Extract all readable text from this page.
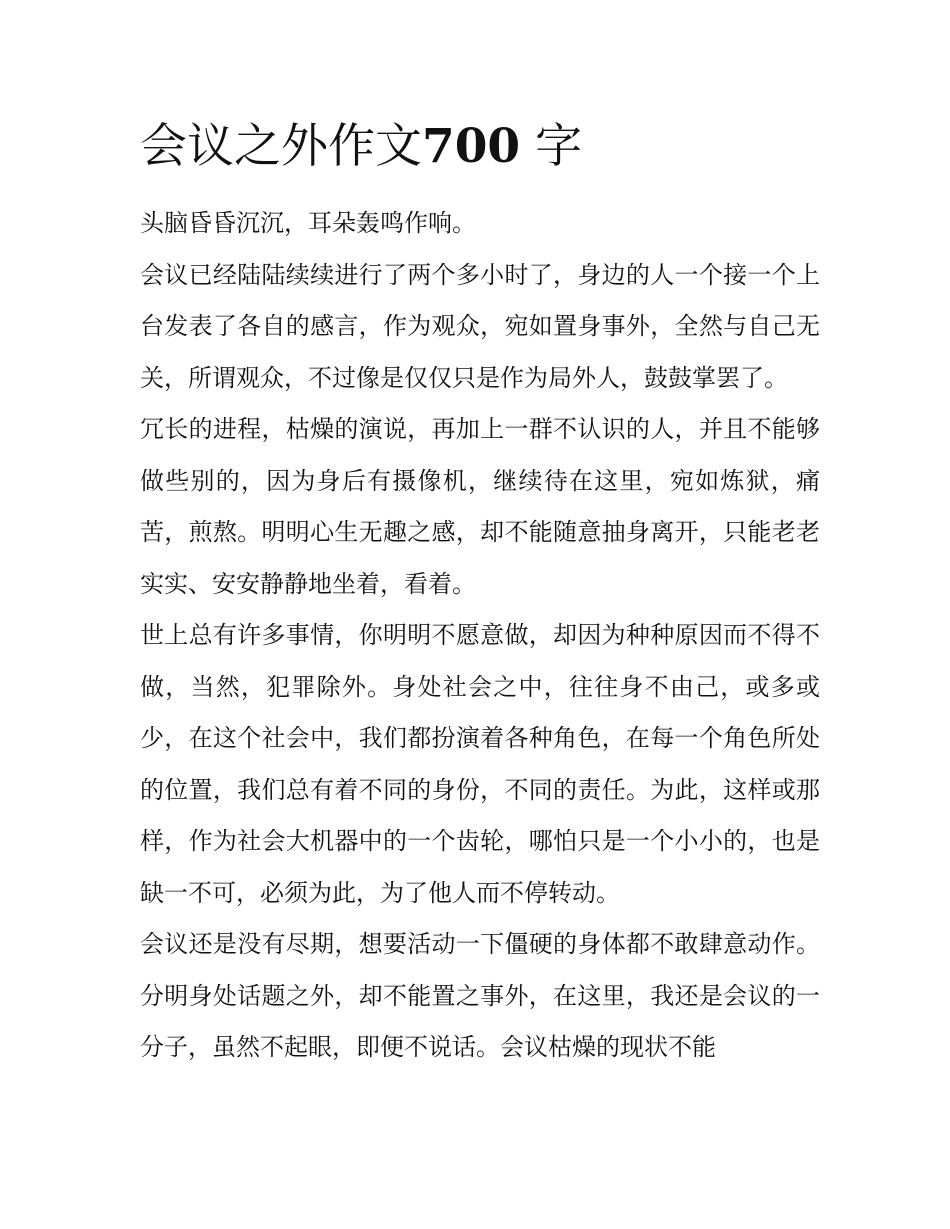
会议之外作文700 字

头脑昏昏沉沉，耳朵轰鸣作响。

会议已经陆陆续续进行了两个多小时了，身边的人一个接一个上台发表了各自的感言，作为观众，宛如置身事外，全然与自己无关，所谓观众，不过像是仅仅只是作为局外人，鼓鼓掌罢了。

冗长的进程，枯燥的演说，再加上一群不认识的人，并且不能够做些别的，因为身后有摄像机，继续待在这里，宛如炼狱，痛苦，煎熬。明明心生无趣之感，却不能随意抽身离开，只能老老实实、安安静静地坐着，看着。

世上总有许多事情，你明明不愿意做，却因为种种原因而不得不做，当然，犯罪除外。身处社会之中，往往身不由己，或多或少，在这个社会中，我们都扮演着各种角色，在每一个角色所处的位置，我们总有着不同的身份，不同的责任。为此，这样或那样，作为社会大机器中的一个齿轮，哪怕只是一个小小的，也是缺一不可，必须为此，为了他人而不停转动。

会议还是没有尽期，想要活动一下僵硬的身体都不敢肆意动作。分明身处话题之外，却不能置之事外，在这里，我还是会议的一分子，虽然不起眼，即便不说话。会议枯燥的现状不能
